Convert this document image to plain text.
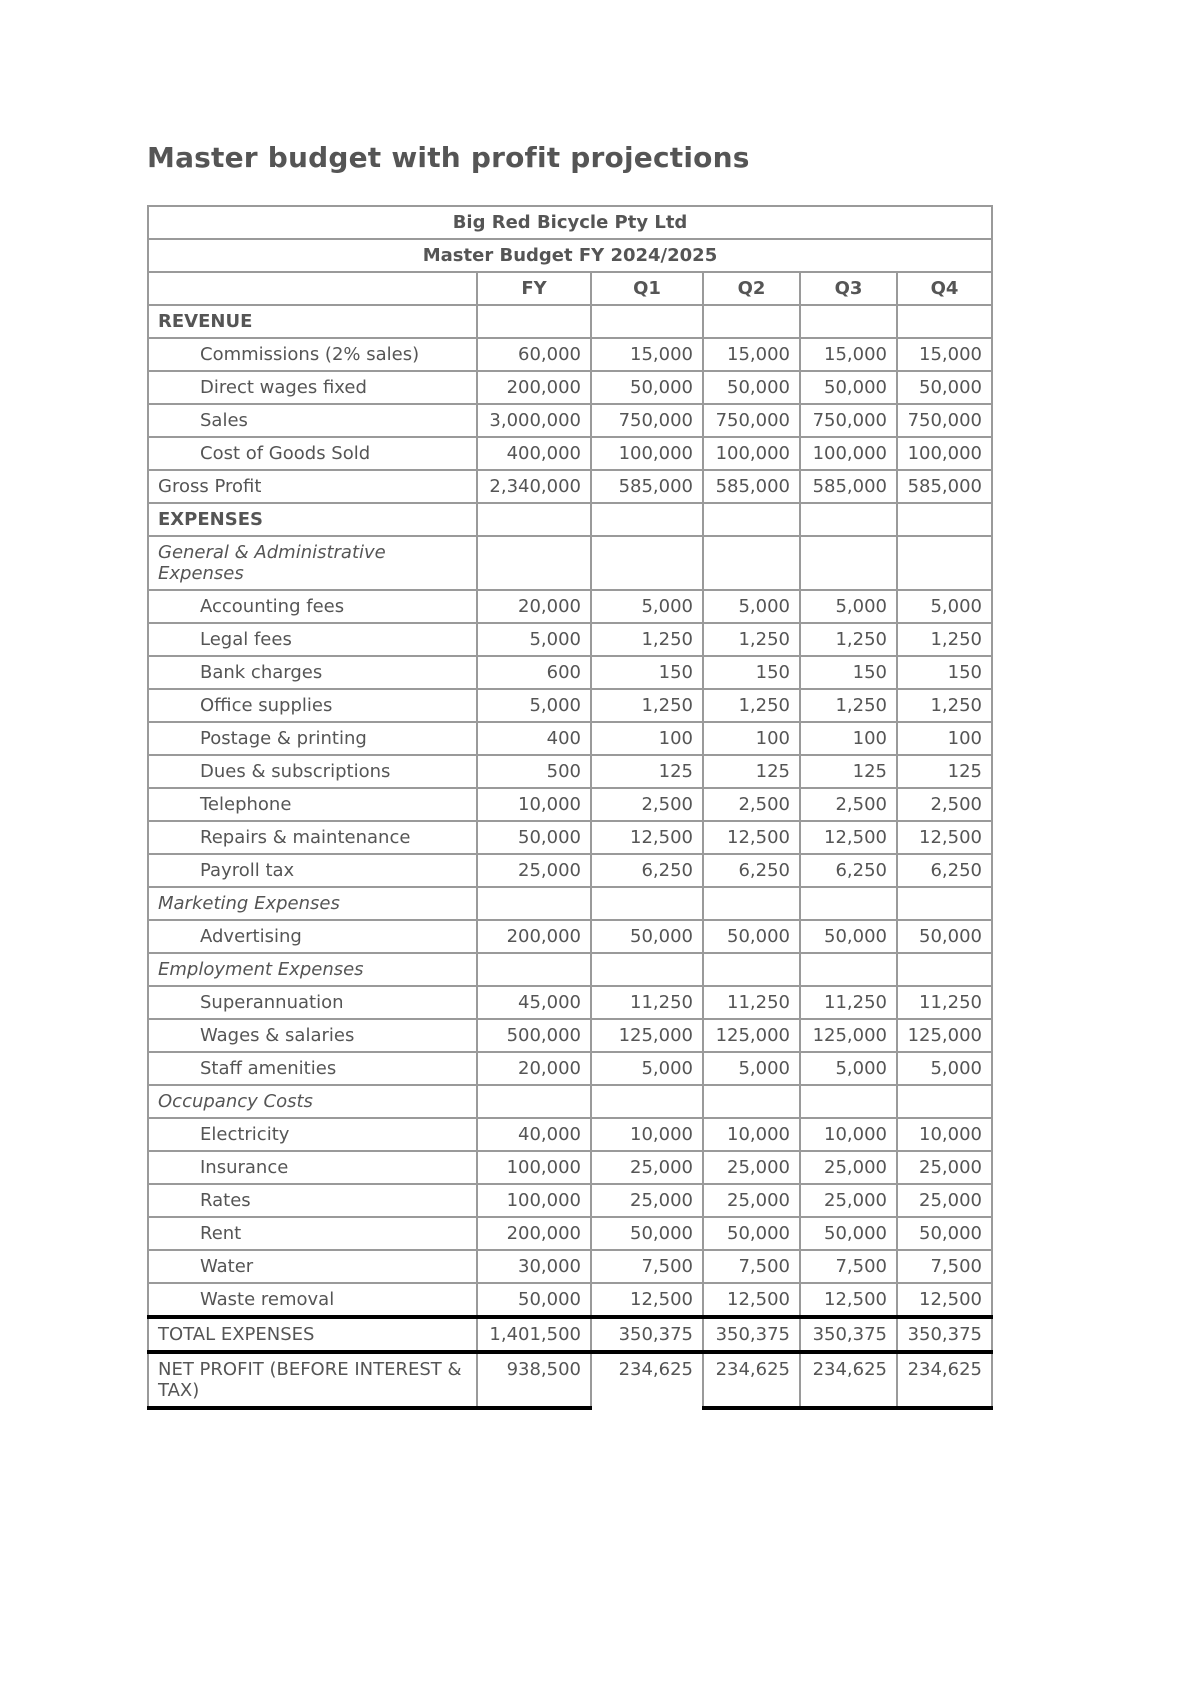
Master budget with profit projections
Big Red Bicycle Pty Ltd					
Master Budget FY 2024/2025					
	FY	Q1	Q2	Q3	Q4
REVENUE					
Commissions (2% sales)	60,000	15,000	15,000	15,000	15,000
Direct wages fixed	200,000	50,000	50,000	50,000	50,000
Sales	3,000,000	750,000	750,000	750,000	750,000
Cost of Goods Sold	400,000	100,000	100,000	100,000	100,000
Gross Profit	2,340,000	585,000	585,000	585,000	585,000
EXPENSES					
General & Administrative Expenses					
Accounting fees	20,000	5,000	5,000	5,000	5,000
Legal fees	5,000	1,250	1,250	1,250	1,250
Bank charges	600	150	150	150	150
Office supplies	5,000	1,250	1,250	1,250	1,250
Postage & printing	400	100	100	100	100
Dues & subscriptions	500	125	125	125	125
Telephone	10,000	2,500	2,500	2,500	2,500
Repairs & maintenance	50,000	12,500	12,500	12,500	12,500
Payroll tax	25,000	6,250	6,250	6,250	6,250
Marketing Expenses					
Advertising	200,000	50,000	50,000	50,000	50,000
Employment Expenses					
Superannuation	45,000	11,250	11,250	11,250	11,250
Wages & salaries	500,000	125,000	125,000	125,000	125,000
Staff amenities	20,000	5,000	5,000	5,000	5,000
Occupancy Costs					
Electricity	40,000	10,000	10,000	10,000	10,000
Insurance	100,000	25,000	25,000	25,000	25,000
Rates	100,000	25,000	25,000	25,000	25,000
Rent	200,000	50,000	50,000	50,000	50,000
Water	30,000	7,500	7,500	7,500	7,500
Waste removal	50,000	12,500	12,500	12,500	12,500
TOTAL EXPENSES	1,401,500	350,375	350,375	350,375	350,375
NET PROFIT (BEFORE INTEREST & TAX)	938,500	234,625	234,625	234,625	234,625
